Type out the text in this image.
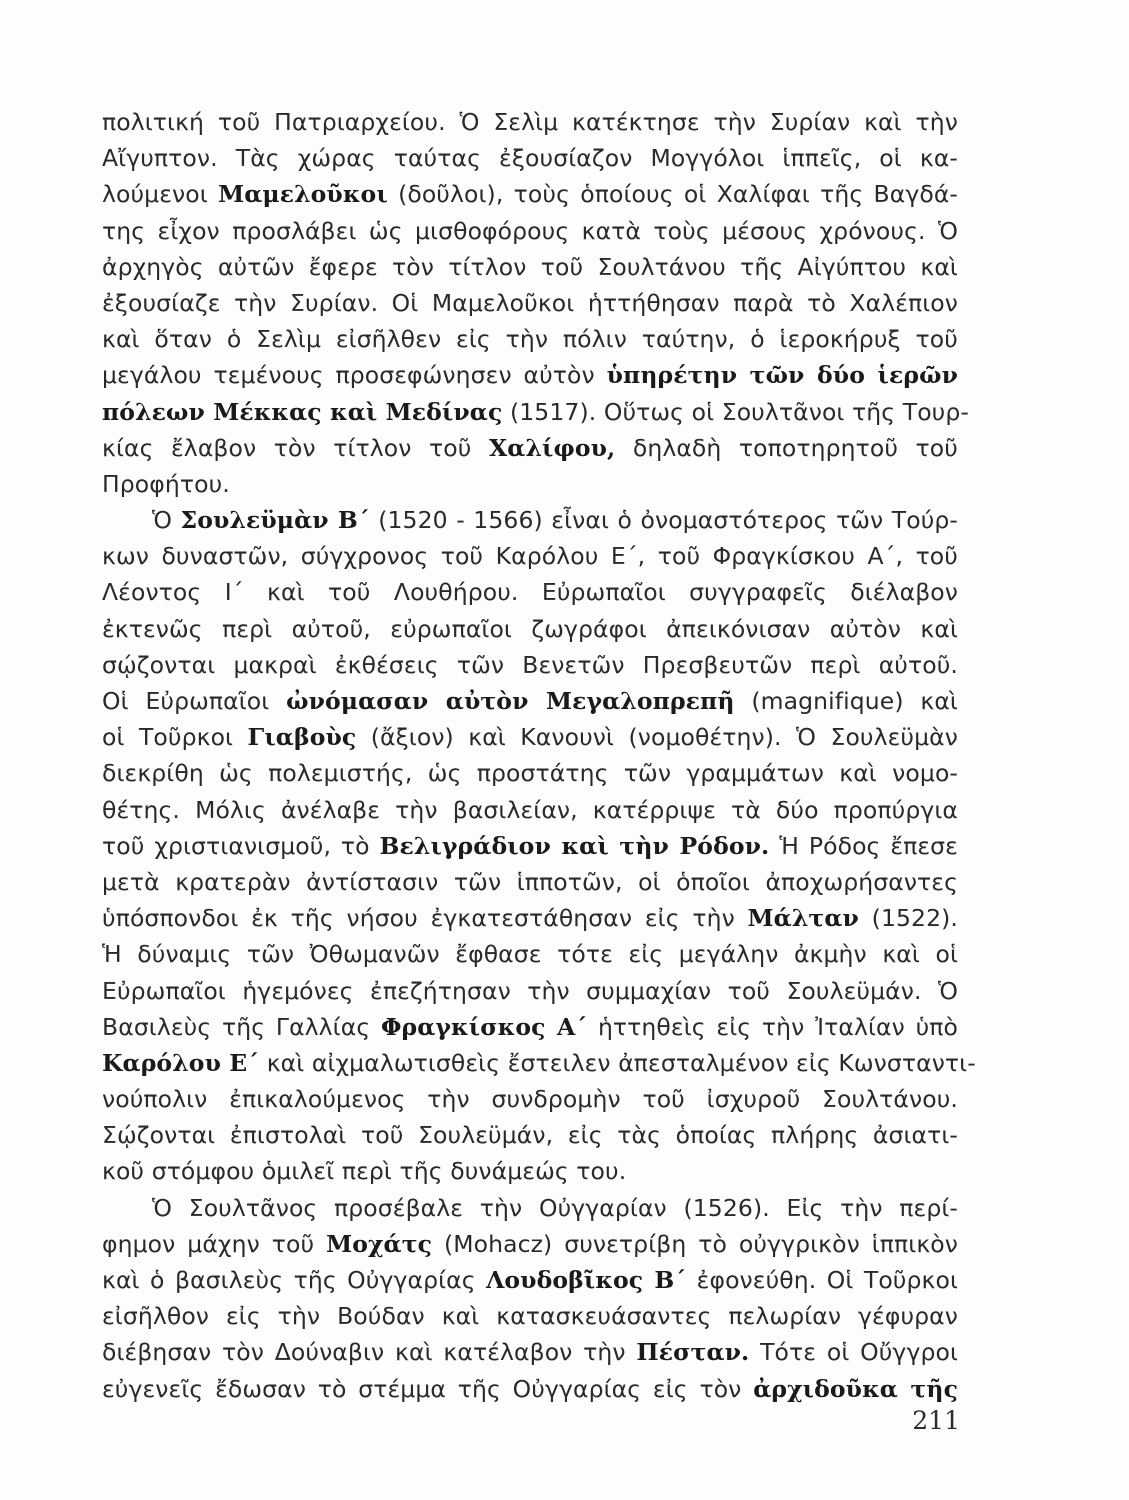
πολιτική τοῦ Πατριαρχείου. Ὁ Σελὶμ κατέκτησε τὴν Συρίαν καὶ τὴν
Αἴγυπτον. Τὰς χώρας ταύτας ἐξουσίαζον Μογγόλοι ἱππεῖς, οἱ κα-
λούμενοι Μαμελοῦκοι (δοῦλοι), τοὺς ὁποίους οἱ Χαλίφαι τῆς Βαγδά-
της εἶχον προσλάβει ὡς μισθοφόρους κατὰ τοὺς μέσους χρόνους. Ὁ
ἀρχηγὸς αὐτῶν ἔφερε τὸν τίτλον τοῦ Σουλτάνου τῆς Αἰγύπτου καὶ
ἐξουσίαζε τὴν Συρίαν. Οἱ Μαμελοῦκοι ἡττήθησαν παρὰ τὸ Χαλέπιον
καὶ ὅταν ὁ Σελὶμ εἰσῆλθεν εἰς τὴν πόλιν ταύτην, ὁ ἱεροκήρυξ τοῦ
μεγάλου τεμένους προσεφώνησεν αὐτὸν ὑπηρέτην τῶν δύο ἱερῶν
πόλεων Μέκκας καὶ Μεδίνας (1517). Οὕτως οἱ Σουλτᾶνοι τῆς Τουρ-
κίας ἔλαβον τὸν τίτλον τοῦ Χαλίφου, δηλαδὴ τοποτηρητοῦ τοῦ
Προφήτου.
Ὁ Σουλεϋμὰν Β΄ (1520 - 1566) εἶναι ὁ ὀνομαστότερος τῶν Τούρ-
κων δυναστῶν, σύγχρονος τοῦ Καρόλου Ε΄, τοῦ Φραγκίσκου Α΄, τοῦ
Λέοντος Ι΄ καὶ τοῦ Λουθήρου. Εὐρωπαῖοι συγγραφεῖς διέλαβον
ἐκτενῶς περὶ αὐτοῦ, εὐρωπαῖοι ζωγράφοι ἀπεικόνισαν αὐτὸν καὶ
σῴζονται μακραὶ ἐκθέσεις τῶν Βενετῶν Πρεσβευτῶν περὶ αὐτοῦ.
Οἱ Εὐρωπαῖοι ὠνόμασαν αὐτὸν Μεγαλοπρεπῆ (magnifique) καὶ
οἱ Τοῦρκοι Γιαβοὺς (ἄξιον) καὶ Κανουνὶ (νομοθέτην). Ὁ Σουλεϋμὰν
διεκρίθη ὡς πολεμιστής, ὡς προστάτης τῶν γραμμάτων καὶ νομο-
θέτης. Μόλις ἀνέλαβε τὴν βασιλείαν, κατέρριψε τὰ δύο προπύργια
τοῦ χριστιανισμοῦ, τὸ Βελιγράδιον καὶ τὴν Ρόδον. Ἡ Ρόδος ἔπεσε
μετὰ κρατερὰν ἀντίστασιν τῶν ἱπποτῶν, οἱ ὁποῖοι ἀποχωρήσαντες
ὑπόσπονδοι ἐκ τῆς νήσου ἐγκατεστάθησαν εἰς τὴν Μάλταν (1522).
Ἡ δύναμις τῶν Ὀθωμανῶν ἔφθασε τότε εἰς μεγάλην ἀκμὴν καὶ οἱ
Εὐρωπαῖοι ἡγεμόνες ἐπεζήτησαν τὴν συμμαχίαν τοῦ Σουλεϋμάν. Ὁ
Βασιλεὺς τῆς Γαλλίας Φραγκίσκος Α΄ ἡττηθεὶς εἰς τὴν Ἰταλίαν ὑπὸ
Καρόλου Ε΄ καὶ αἰχμαλωτισθεὶς ἔστειλεν ἀπεσταλμένον εἰς Κωνσταντι-
νούπολιν ἐπικαλούμενος τὴν συνδρομὴν τοῦ ἰσχυροῦ Σουλτάνου.
Σῴζονται ἐπιστολαὶ τοῦ Σουλεϋμάν, εἰς τὰς ὁποίας πλήρης ἀσιατι-
κοῦ στόμφου ὁμιλεῖ περὶ τῆς δυνάμεώς του.
Ὁ Σουλτᾶνος προσέβαλε τὴν Οὐγγαρίαν (1526). Εἰς τὴν περί-
φημον μάχην τοῦ Μοχάτς (Mohacz) συνετρίβη τὸ οὐγγρικὸν ἱππικὸν
καὶ ὁ βασιλεὺς τῆς Οὐγγαρίας Λουδοβῖκος Β΄ ἐφονεύθη. Οἱ Τοῦρκοι
εἰσῆλθον εἰς τὴν Βούδαν καὶ κατασκευάσαντες πελωρίαν γέφυραν
διέβησαν τὸν Δούναβιν καὶ κατέλαβον τὴν Πέσταν. Τότε οἱ Οὔγγροι
εὐγενεῖς ἔδωσαν τὸ στέμμα τῆς Οὐγγαρίας εἰς τὸν ἀρχιδοῦκα τῆς
211
